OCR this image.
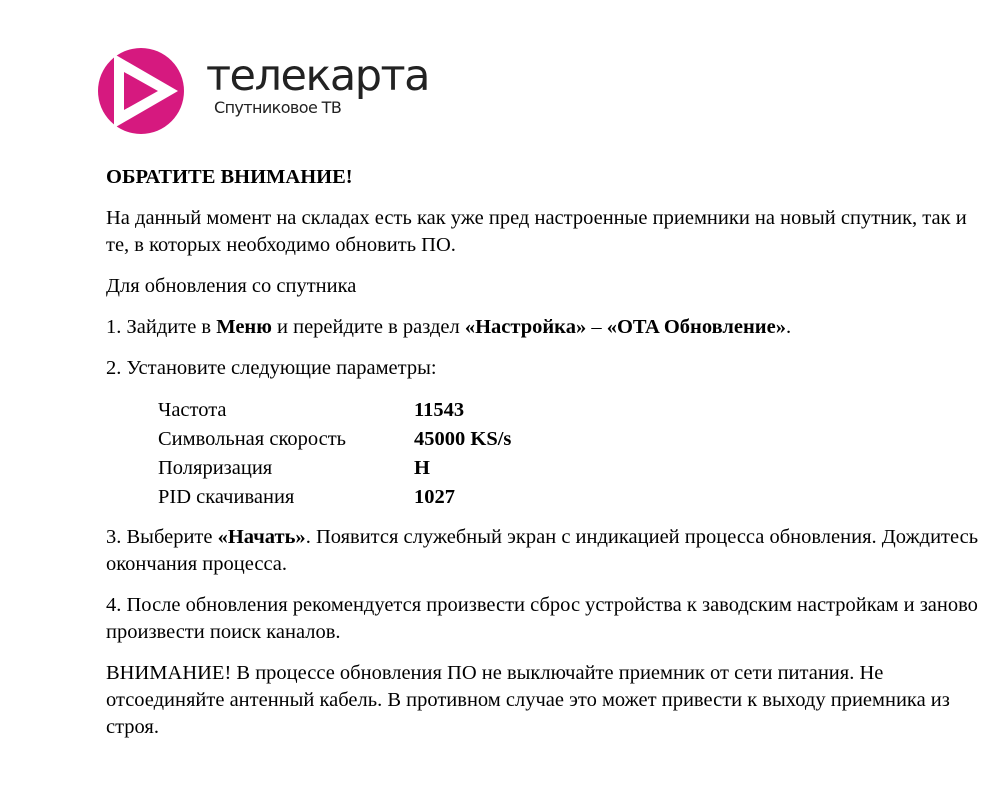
телекарта
Спутниковое ТВ

ОБРАТИТЕ ВНИМАНИЕ!

На данный момент на складах есть как уже пред настроенные приемники на новый спутник, так и те, в которых необходимо обновить ПО.

Для обновления со спутника

1. Зайдите в Меню и перейдите в раздел «Настройка» – «OTA Обновление».

2. Установите следующие параметры:

Частота	11543
Символьная скорость	45000 KS/s
Поляризация	H
PID скачивания	1027

3. Выберите «Начать». Появится служебный экран с индикацией процесса обновления. Дождитесь окончания процесса.

4. После обновления рекомендуется произвести сброс устройства к заводским настройкам и заново произвести поиск каналов.

ВНИМАНИЕ! В процессе обновления ПО не выключайте приемник от сети питания. Не отсоединяйте антенный кабель. В противном случае это может привести к выходу приемника из строя.
